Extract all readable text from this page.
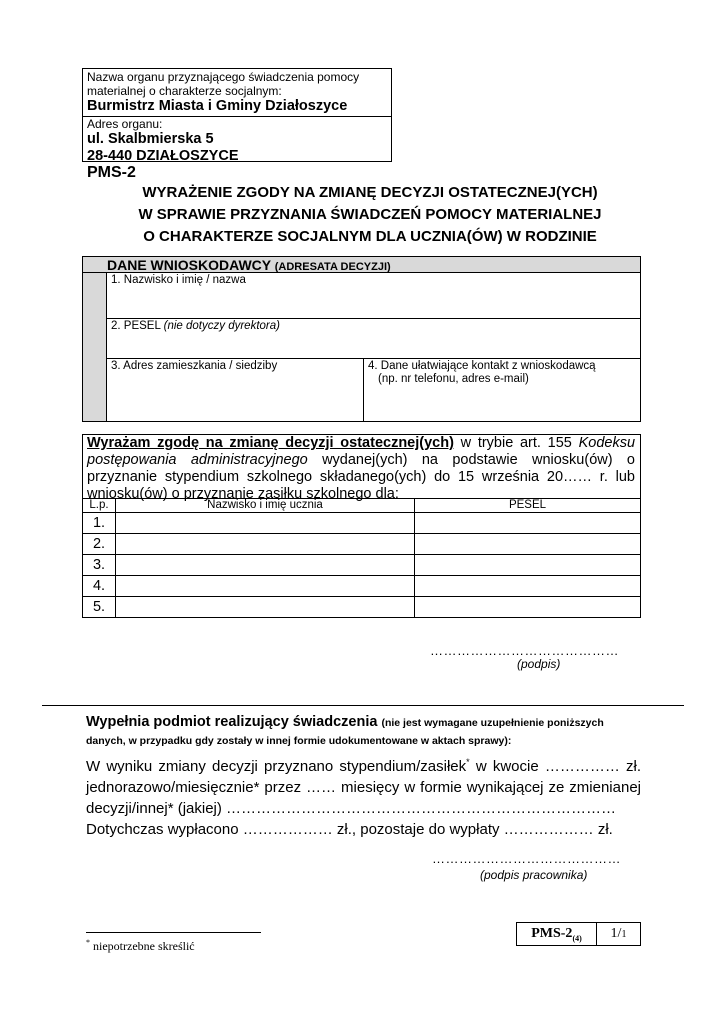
Nazwa organu przyznającego świadczenia pomocy materialnej o charakterze socjalnym:
Burmistrz Miasta i Gminy Działoszyce
Adres organu:
ul. Skalbmierska 5
28-440 DZIAŁOSZYCE
PMS-2
WYRAŻENIE ZGODY NA ZMIANĘ DECYZJI OSTATECZNEJ(YCH)
W SPRAWIE PRZYZNANIA ŚWIADCZEŃ POMOCY MATERIALNEJ
O CHARAKTERZE SOCJALNYM DLA UCZNIA(ÓW) W RODZINIE
DANE WNIOSKODAWCY (ADRESATA DECYZJI)
1. Nazwisko i imię / nazwa
2. PESEL (nie dotyczy dyrektora)
3. Adres zamieszkania / siedziby	4. Dane ułatwiające kontakt z wnioskodawcą
(np. nr telefonu, adres e-mail)
Wyrażam zgodę na zmianę decyzji ostatecznej(ych) w trybie art. 155 Kodeksu postępowania administracyjnego wydanej(ych) na podstawie wniosku(ów) o przyznanie stypendium szkolnego składanego(ych) do 15 września 20…… r. lub wniosku(ów) o przyznanie zasiłku szkolnego dla:
L.p.	Nazwisko i imię ucznia	PESEL
1.		
2.		
3.		
4.		
5.		
……………………………………
(podpis)
Wypełnia podmiot realizujący świadczenia (nie jest wymagane uzupełnienie poniższych danych, w przypadku gdy zostały w innej formie udokumentowane w aktach sprawy):
W wyniku zmiany decyzji przyznano stypendium/zasiłek* w kwocie …………… zł. jednorazowo/miesięcznie* przez …… miesięcy w formie wynikającej ze zmienianej decyzji/innej* (jakiej) ……………………………………………………………………
Dotychczas wypłacono ……………… zł., pozostaje do wypłaty ……………… zł.
……………………………………
(podpis pracownika)
* niepotrzebne skreślić
PMS-$2_{(4)}$	1/1
